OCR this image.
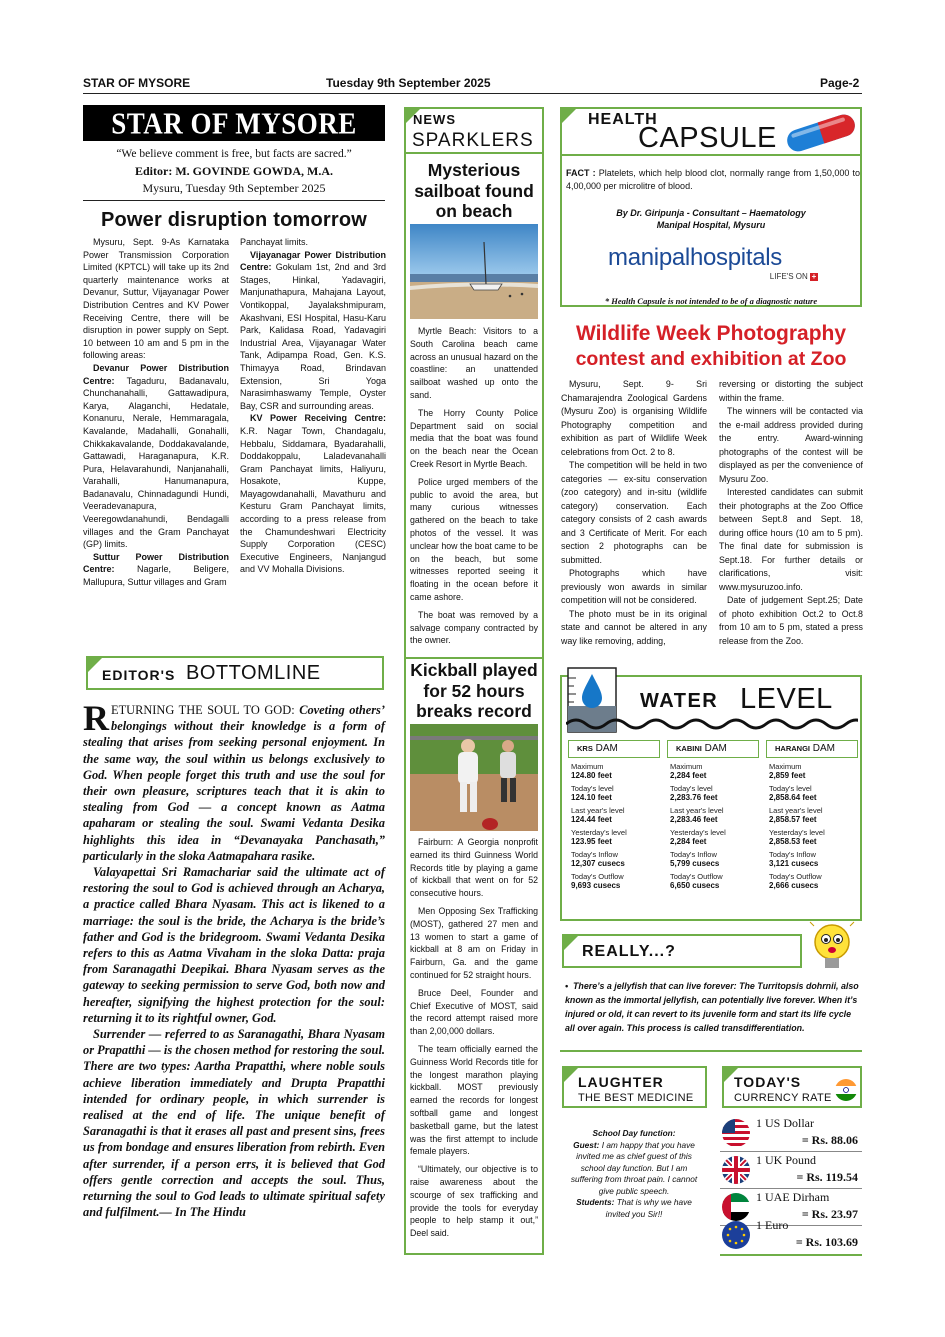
STAR OF MYSORE	Tuesday 9th September 2025	Page-2
STAR OF MYSORE
“We believe comment is free, but facts are sacred.”
Editor: M. GOVINDE GOWDA, M.A.
Mysuru, Tuesday 9th September 2025
Power disruption tomorrow

Mysuru, Sept. 9-As Karnataka Power Transmission Corporation Limited (KPTCL) will take up its 2nd quarterly maintenance works at Devanur, Suttur, Vijayanagar Power Distribution Centres and KV Power Receiving Centre, there will be disruption in power supply on Sept. 10 between 10 am and 5 pm in the following areas:

Devanur Power Distribution Centre: Tagaduru, Badanavalu, Chunchanahalli, Gattawadipura, Karya, Alaganchi, Hedatale, Konanuru, Nerale, Hemmaragala, Kavalande, Madahalli, Gonahalli, Chikkakavalande, Doddakavalande, Gattawadi, Haraganapura, K.R. Pura, Helavarahundi, Nanjanahalli, Varahalli, Hanumanapura, Badanavalu, Chinnadagundi Hundi, Veeradevanapura, Veeregowdanahundi, Bendagalli villages and the Gram Panchayat (GP) limits.

Suttur Power Distribution Centre: Nagarle, Beligere, Mallupura, Suttur villages and Gram

Panchayat limits.

Vijayanagar Power Distribution Centre: Gokulam 1st, 2nd and 3rd Stages, Hinkal, Yadavagiri, Manjunathapura, Mahajana Layout, Vontikoppal, Jayalakshmipuram, Akashvani, ESI Hospital, Hasu-Karu Park, Kalidasa Road, Yadavagiri Industrial Area, Vijayanagar Water Tank, Adipampa Road, Gen. K.S. Thimayya Road, Brindavan Extension, Sri Yoga Narasimhaswamy Temple, Oyster Bay, CSR and surrounding areas.

KV Power Receiving Centre: K.R. Nagar Town, Chandagalu, Hebbalu, Siddamara, Byadarahalli, Doddakoppalu, Laladevanahalli Gram Panchayat limits, Haliyuru, Hosakote, Kuppe, Mayagowdanahalli, Mavathuru and Kesturu Gram Panchayat limits, according to a press release from the Chamundeshwari Electricity Supply Corporation (CESC) Executive Engineers, Nanjangud and VV Mohalla Divisions.

EDITOR'S BOTTOMLINE

RETURNING THE SOUL TO GOD: Coveting others’ belongings without their knowledge is a form of stealing that arises from seeking personal enjoyment. In the same way, the soul within us belongs exclusively to God. When people forget this truth and use the soul for their own pleasure, scriptures teach that it is akin to stealing from God — a concept known as Aatma apaharam or stealing the soul. Swami Vedanta Desika highlights this idea in “Devanayaka Panchasath,” particularly in the sloka Aatmapahara rasike.

Valayapettai Sri Ramachariar said the ultimate act of restoring the soul to God is achieved through an Acharya, a practice called Bhara Nyasam. This act is likened to a marriage: the soul is the bride, the Acharya is the bride’s father and God is the bridegroom. Swami Vedanta Desika refers to this as Aatma Vivaham in the sloka Datta: praja from Saranagathi Deepikai. Bhara Nyasam serves as the gateway to seeking permission to serve God, both now and hereafter, signifying the highest protection for the soul: returning it to its rightful owner, God.

Surrender — referred to as Saranagathi, Bhara Nyasam or Prapatthi — is the chosen method for restoring the soul. There are two types: Aartha Prapatthi, where noble souls achieve liberation immediately and Drupta Prapatthi intended for ordinary people, in which surrender is realised at the end of life. The unique benefit of Saranagathi is that it erases all past and present sins, frees us from bondage and ensures liberation from rebirth. Even after surrender, if a person errs, it is believed that God offers gentle correction and accepts the soul. Thus, returning the soul to God leads to ultimate spiritual safety and fulfilment.— In The Hindu

NEWS
SPARKLERS
Mysterious sailboat found on beach

Myrtle Beach: Visitors to a South Carolina beach came across an unusual hazard on the coastline: an unattended sailboat washed up onto the sand.

The Horry County Police Department said on social media that the boat was found on the beach near the Ocean Creek Resort in Myrtle Beach.

Police urged members of the public to avoid the area, but many curious witnesses gathered on the beach to take photos of the vessel. It was unclear how the boat came to be on the beach, but some witnesses reported seeing it floating in the ocean before it came ashore.

The boat was removed by a salvage company contracted by the owner.

Kickball played for 52 hours breaks record

Fairburn: A Georgia nonprofit earned its third Guinness World Records title by playing a game of kickball that went on for 52 consecutive hours.

Men Opposing Sex Trafficking (MOST), gathered 27 men and 13 women to start a game of kickball at 8 am on Friday in Fairburn, Ga. and the game continued for 52 straight hours.

Bruce Deel, Founder and Chief Executive of MOST, said the record attempt raised more than 2,00,000 dollars.

The team officially earned the Guinness World Records title for the longest marathon playing kickball. MOST previously earned the records for longest softball game and longest basketball game, but the latest was the first attempt to include female players.

“Ultimately, our objective is to raise awareness about the scourge of sex trafficking and provide the tools for everyday people to help stamp it out,” Deel said.

HEALTH
CAPSULE
FACT : Platelets, which help blood clot, normally range from 1,50,000 to 4,00,000 per microlitre of blood.
By Dr. Giripunja - Consultant – Haematology
Manipal Hospital, Mysuru
manipalhospitals
LIFE'S ON +
* Health Capsule is not intended to be of a diagnostic nature
Wildlife Week Photography
contest and exhibition at Zoo

Mysuru, Sept. 9- Sri Chamarajendra Zoological Gardens (Mysuru Zoo) is organising Wildlife Photography competition and exhibition as part of Wildlife Week celebrations from Oct. 2 to 8.

The competition will be held in two categories — ex-situ conservation (zoo category) and in-situ (wildlife category) conservation. Each category consists of 2 cash awards and 3 Certificate of Merit. For each section 2 photographs can be submitted.

Photographs which have previously won awards in similar competition will not be considered.

The photo must be in its original state and cannot be altered in any way like removing, adding,

reversing or distorting the subject within the frame.

The winners will be contacted via the e-mail address provided during the entry. Award-winning photographs of the contest will be displayed as per the convenience of Mysuru Zoo.

Interested candidates can submit their photographs at the Zoo Office between Sept.8 and Sept. 18, during office hours (10 am to 5 pm). The final date for submission is Sept.18. For further details or clarifications, visit: www.mysuruzoo.info.

Date of judgement Sept.25; Date of photo exhibition Oct.2 to Oct.8 from 10 am to 5 pm, stated a press release from the Zoo.

WATER LEVEL
KRS DAM
Maximum
124.80 feet
Today's level
124.10 feet
Last year's level
124.44 feet
Yesterday's level
123.95 feet
Today's Inflow
12,307 cusecs
Today's Outflow
9,693 cusecs
KABINI DAM
Maximum
2,284 feet
Today's level
2,283.76 feet
Last year's level
2,283.46 feet
Yesterday's level
2,284 feet
Today's Inflow
5,799 cusecs
Today's Outflow
6,650 cusecs
HARANGI DAM
Maximum
2,859 feet
Today's level
2,858.64 feet
Last year's level
2,858.57 feet
Yesterday's level
2,858.53 feet
Today's Inflow
3,121 cusecs
Today's Outflow
2,666 cusecs
REALLY...?
• There’s a jellyfish that can live forever: The Turritopsis dohrnii, also known as the immortal jellyfish, can potentially live forever. When it’s injured or old, it can revert to its juvenile form and start its life cycle all over again. This process is called transdifferentiation.
LAUGHTER
THE BEST MEDICINE
School Day function:
Guest: I am happy that you have invited me as chief guest of this school day function. But I am suffering from throat pain. I cannot give public speech.
Students: That is why we have invited you Sir!!
TODAY'S
CURRENCY RATE
1 US Dollar
= Rs. 88.06
1 UK Pound
= Rs. 119.54
1 UAE Dirham
= Rs. 23.97
1 Euro
= Rs. 103.69
